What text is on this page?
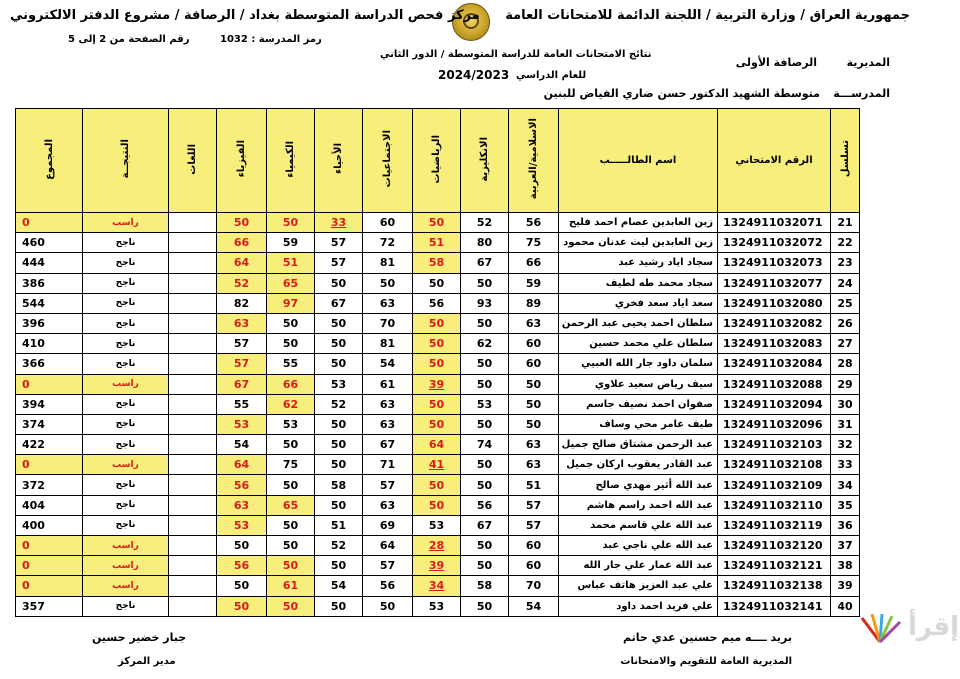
جمهورية العراق / وزارة التربية / اللجنة الدائمة للامتحانات العامة
مركز فحص الدراسة المتوسطة بغداد / الرصافة / مشروع الدفتر الالكتروني
المديرية
الرصافة الأولى
المدرســـة
متوسطة الشهيد الدكتور حسن ضاري الفياض للبنين
نتائج الامتحانات العامة للدراسة المتوسطة / الدور الثاني
للعام الدراسي
2024/2023
رمز المدرسة : 1032
رقم الصفحة من 2 إلى 5
تسلسل	الرقم الامتحاني	اسم الطالـــــب	الاسلامية/العربية	الانكليزية	الرياضيات	الاجتماعيات	الأحياء	الكيمياء	الفيزياء	اللغات	النتيجــة	المجموع
21	1324911032071	زين العابدين عصام احمد فليح	56	52	50	60	33	50	50		راسب	0
22	1324911032072	زين العابدين ليث عدنان محمود	75	80	51	72	57	59	66		ناجح	460
23	1324911032073	سجاد اياد رشيد عبد	66	67	58	81	57	51	64		ناجح	444
24	1324911032077	سجاد محمد طه لطيف	59	50	50	50	50	65	52		ناجح	386
25	1324911032080	سعد اياد سعد فخري	89	93	56	63	67	97	82		ناجح	544
26	1324911032082	سلطان احمد يحيى عبد الرحمن	63	50	50	70	50	50	63		ناجح	396
27	1324911032083	سلطان علي محمد حسين	60	62	50	81	50	50	57		ناجح	410
28	1324911032084	سلمان داود جار الله العبيي	60	50	50	54	50	55	57		ناجح	366
29	1324911032088	سيف رياض سعيد علاوي	50	50	39	61	53	66	67		راسب	0
30	1324911032094	صفوان احمد نصيف جاسم	50	53	50	63	52	62	55		ناجح	394
31	1324911032096	طيف عامر محي وساف	50	50	50	63	50	53	53		ناجح	374
32	1324911032103	عبد الرحمن مشتاق صالح جميل	63	74	64	67	50	50	54		ناجح	422
33	1324911032108	عبد القادر يعقوب اركان جميل	63	50	41	71	50	75	64		راسب	0
34	1324911032109	عبد الله أثير مهدي صالح	51	50	50	57	58	50	56		ناجح	372
35	1324911032110	عبد الله احمد راسم هاشم	57	56	50	63	50	65	63		ناجح	404
36	1324911032119	عبد الله علي قاسم محمد	57	67	53	69	51	50	53		ناجح	400
37	1324911032120	عبد الله علي ناجي عبد	60	50	28	64	52	50	50		راسب	0
38	1324911032121	عبد الله عمار علي جار الله	60	50	39	57	50	50	56		راسب	0
39	1324911032138	علي عبد العزيز هاتف عباس	70	58	34	56	54	61	50		راسب	0
40	1324911032141	علي فريد احمد داود	54	50	53	50	50	50	50		ناجح	357
جبار خضير حسين
مدير المركز
بريد ــــه ميم حسنين عدي حاتم
المديرية العامة للتقويم والامتحانات
إقرأ
